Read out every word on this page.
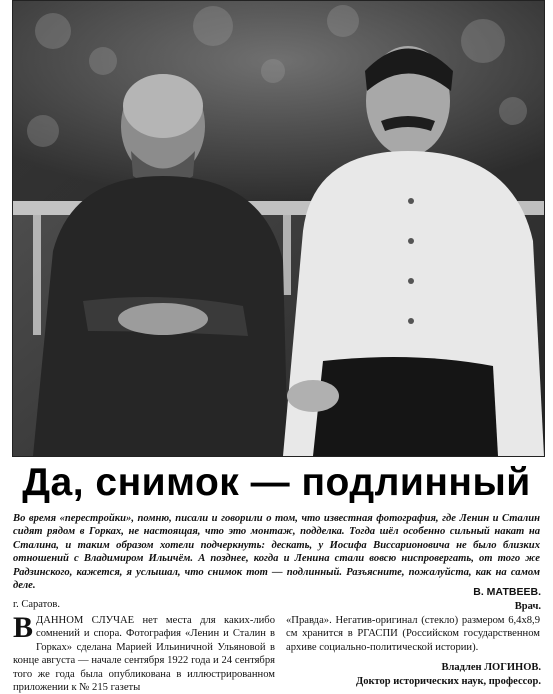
Да, снимок — подлинный
Во время «перестройки», помню, писали и говорили о том, что известная фотография, где Ленин и Сталин сидят рядом в Горках, не настоящая, что это монтаж, подделка. Тогда шёл особенно сильный накат на Сталина, и таким образом хотели подчеркнуть: дескать, у Иосифа Виссарионовича не было близких отношений с Владимиром Ильичём. А позднее, когда и Ленина стали вовсю ниспровергать, от того же Радзинского, кажется, я услышал, что снимок тот — подлинный. Разъясните, пожалуйста, как на самом деле.
В. МАТВЕЕВ.
Врач.
г. Саратов.
ВДАННОМ СЛУЧАЕ нет места для каких-либо сомнений и спора. Фотография «Ленин и Сталин в Горках» сделана Марией Ильиничной Ульяновой в конце августа — начале сентября 1922 года и 24 сентября того же года была опубликована в иллюстрированном приложении к № 215 газеты
«Правда». Негатив-оригинал (стекло) размером 6,4х8,9 см хранится в РГАСПИ (Российском государственном архиве социально-политической истории).
Владлен ЛОГИНОВ.
Доктор исторических наук, профессор.
